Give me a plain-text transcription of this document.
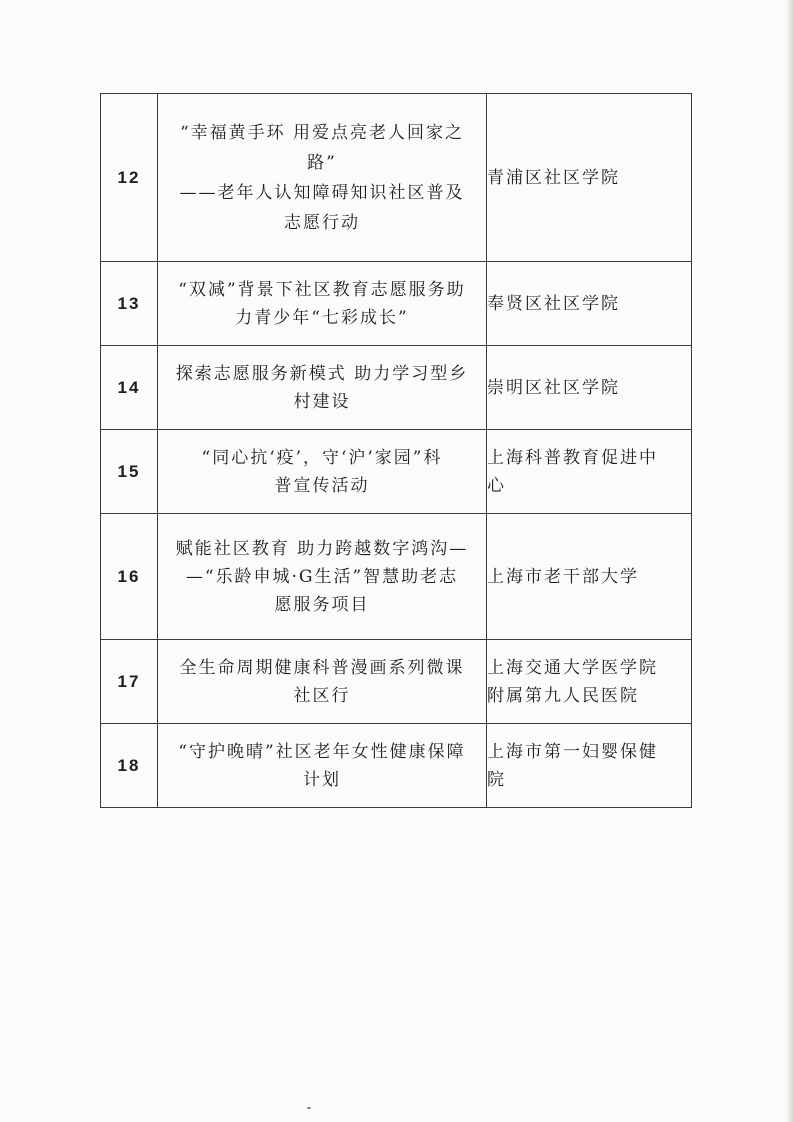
12	“幸福黄手环 用爱点亮老人回家之
路”
——老年人认知障碍知识社区普及
志愿行动	青浦区社区学院

13	“双减”背景下社区教育志愿服务助
力青少年“七彩成长”	奉贤区社区学院

14	探索志愿服务新模式 助力学习型乡
村建设	崇明区社区学院

15	“同心抗‘疫’，守‘沪’家园”科
普宣传活动	上海科普教育促进中
心

16	赋能社区教育 助力跨越数字鸿沟—
—“乐龄申城·G生活”智慧助老志
愿服务项目	上海市老干部大学

17	全生命周期健康科普漫画系列微课
社区行	上海交通大学医学院
附属第九人民医院

18	“守护晚晴”社区老年女性健康保障
计划	上海市第一妇婴保健
院
